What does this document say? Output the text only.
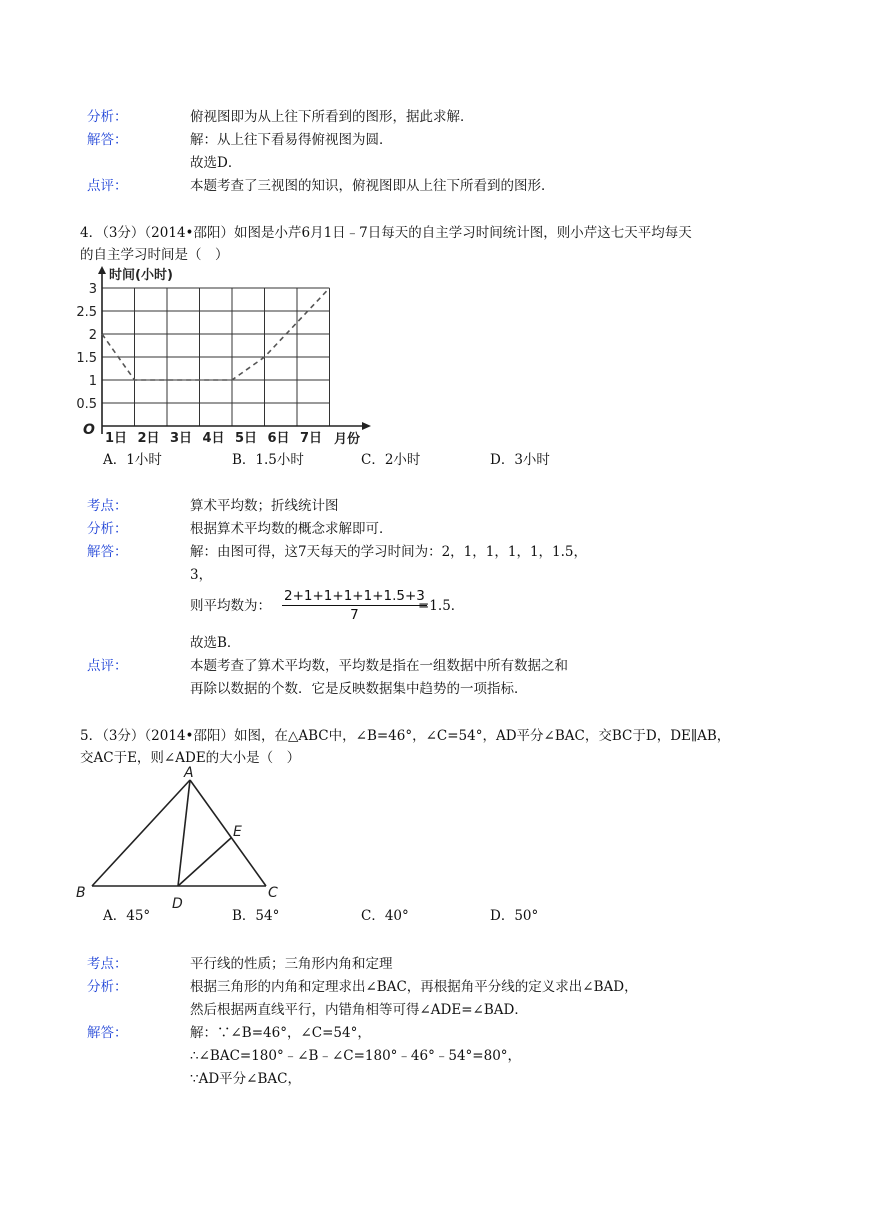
分析：	俯视图即为从上往下所看到的图形，据此求解．
解答：	解：从上往下看易得俯视图为圆．
故选D．
点评：	本题考查了三视图的知识，俯视图即从上往下所看到的图形．
4．（3分）（2014•邵阳）如图是小芹6月1日﹣7日每天的自主学习时间统计图，则小芹这七天平均每天
的自主学习时间是（　）
时间(小时)
O
月份
0.5
1
1.5
2
2.5
3
1日 2日 3日 4日 5日 6日 7日
A．1小时	B．1.5小时	C．2小时	D．3小时
考点：	算术平均数；折线统计图
分析：	根据算术平均数的概念求解即可．
解答：	解：由图可得，这7天每天的学习时间为：2，1，1，1，1，1.5，
3，
则平均数为： $\frac{2+1+1+1+1+1.5+3}{7}$
=1.5．
故选B．
点评：	本题考查了算术平均数，平均数是指在一组数据中所有数据之和
再除以数据的个数．它是反映数据集中趋势的一项指标．
5．（3分）（2014•邵阳）如图，在△ABC中，∠B=46°，∠C=54°，AD平分∠BAC，交BC于D，DE∥AB，
交AC于E，则∠ADE的大小是（　）
A
B	C
D
E
A．45°	B．54°	C．40°	D．50°
考点：	平行线的性质；三角形内角和定理
分析：	根据三角形的内角和定理求出∠BAC，再根据角平分线的定义求出∠BAD，
然后根据两直线平行，内错角相等可得∠ADE=∠BAD．
解答：	解：∵∠B=46°，∠C=54°，
∴∠BAC=180°﹣∠B﹣∠C=180°﹣46°﹣54°=80°，
∵AD平分∠BAC，
